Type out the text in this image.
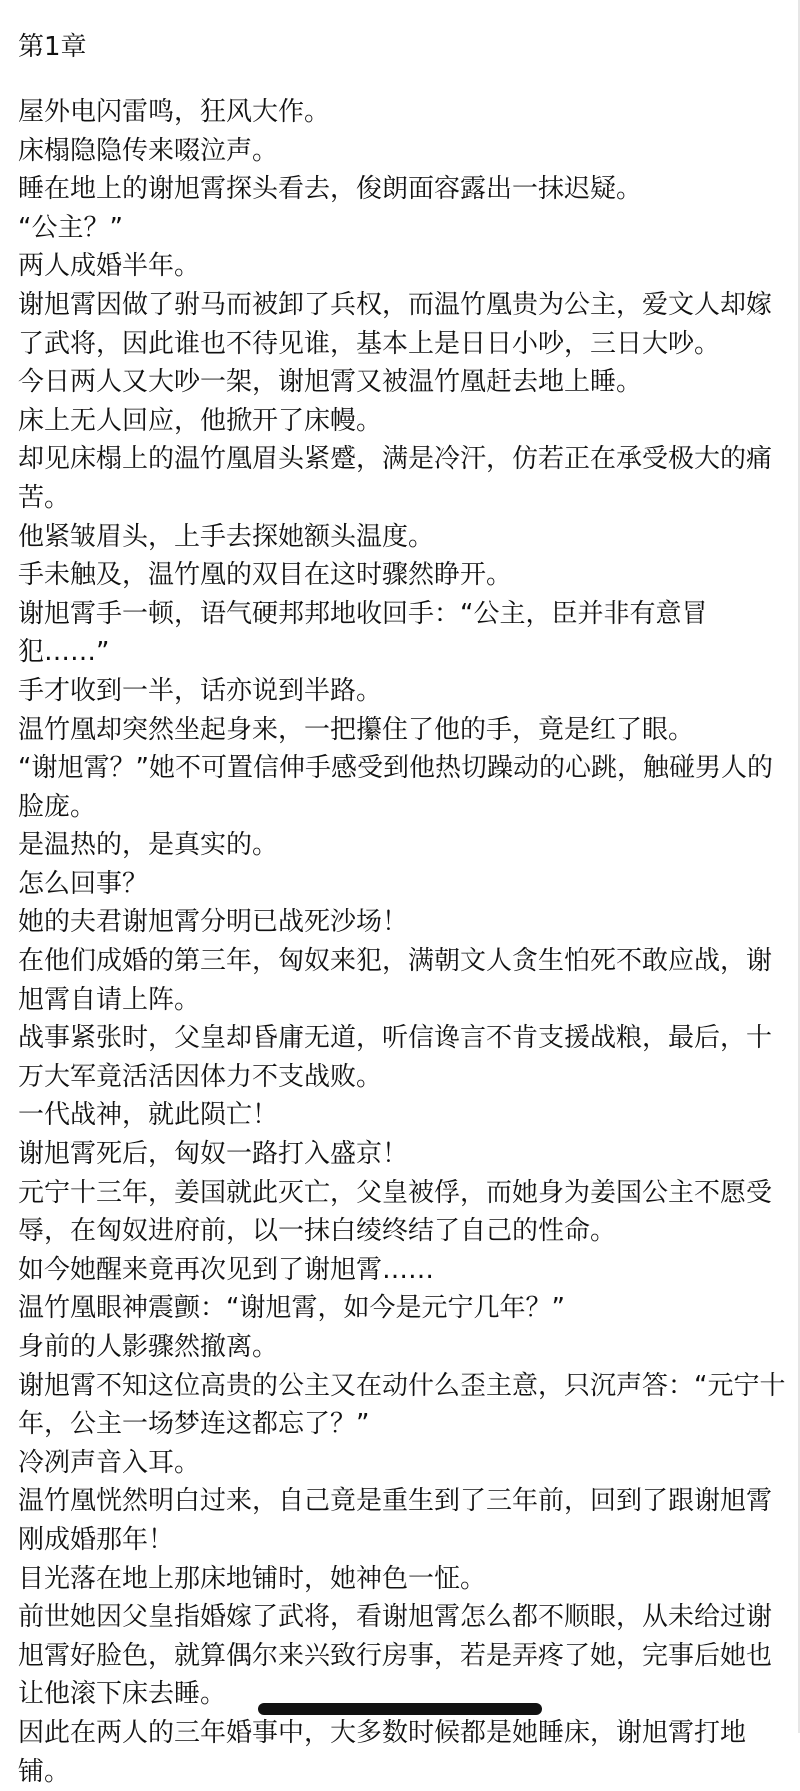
第1章

屋外电闪雷鸣，狂风大作。

床榻隐隐传来啜泣声。

睡在地上的谢旭霄探头看去，俊朗面容露出一抹迟疑。

“公主？”

两人成婚半年。

谢旭霄因做了驸马而被卸了兵权，而温竹凰贵为公主，爱文人却嫁了武将，因此谁也不待见谁，基本上是日日小吵，三日大吵。

今日两人又大吵一架，谢旭霄又被温竹凰赶去地上睡。

床上无人回应，他掀开了床幔。

却见床榻上的温竹凰眉头紧蹙，满是冷汗，仿若正在承受极大的痛苦。

他紧皱眉头，上手去探她额头温度。

手未触及，温竹凰的双目在这时骤然睁开。

谢旭霄手一顿，语气硬邦邦地收回手：“公主，臣并非有意冒犯……”

手才收到一半，话亦说到半路。

温竹凰却突然坐起身来，一把攥住了他的手，竟是红了眼。

“谢旭霄？”她不可置信伸手感受到他热切躁动的心跳，触碰男人的脸庞。

是温热的，是真实的。

怎么回事？

她的夫君谢旭霄分明已战死沙场！

在他们成婚的第三年，匈奴来犯，满朝文人贪生怕死不敢应战，谢旭霄自请上阵。

战事紧张时，父皇却昏庸无道，听信谗言不肯支援战粮，最后，十万大军竟活活因体力不支战败。

一代战神，就此陨亡！

谢旭霄死后，匈奴一路打入盛京！

元宁十三年，姜国就此灭亡，父皇被俘，而她身为姜国公主不愿受辱，在匈奴进府前，以一抹白绫终结了自己的性命。

如今她醒来竟再次见到了谢旭霄……

温竹凰眼神震颤：“谢旭霄，如今是元宁几年？”

身前的人影骤然撤离。

谢旭霄不知这位高贵的公主又在动什么歪主意，只沉声答：“元宁十年，公主一场梦连这都忘了？”

冷冽声音入耳。

温竹凰恍然明白过来，自己竟是重生到了三年前，回到了跟谢旭霄刚成婚那年！

目光落在地上那床地铺时，她神色一怔。

前世她因父皇指婚嫁了武将，看谢旭霄怎么都不顺眼，从未给过谢旭霄好脸色，就算偶尔来兴致行房事，若是弄疼了她，完事后她也让他滚下床去睡。

因此在两人的三年婚事中，大多数时候都是她睡床，谢旭霄打地铺。
